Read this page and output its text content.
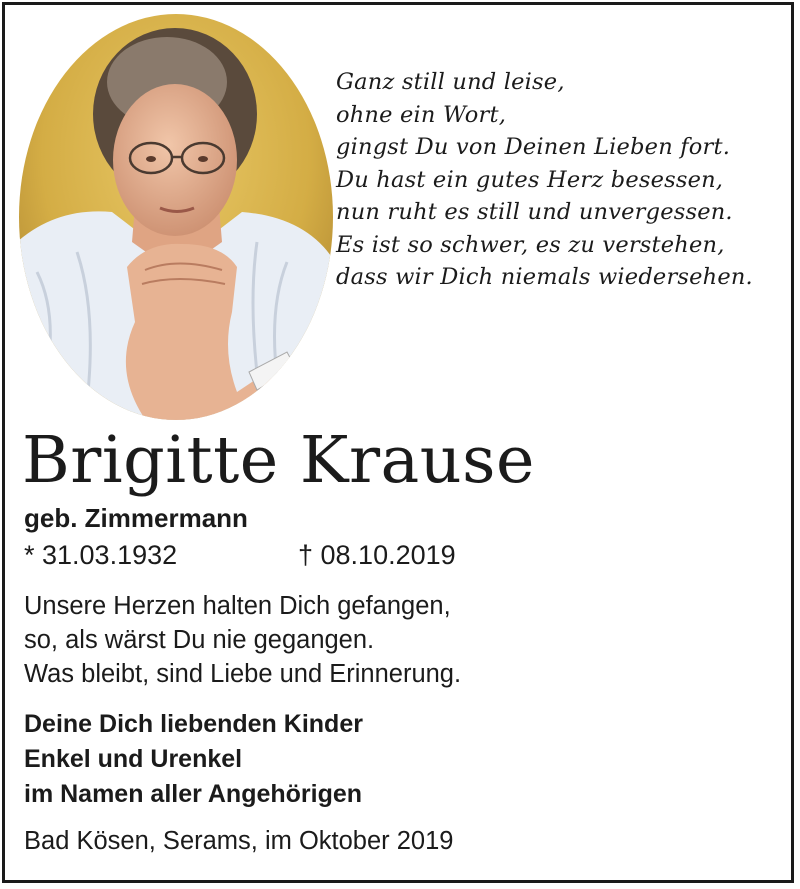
Ganz still und leise,
ohne ein Wort,
gingst Du von Deinen Lieben fort.
Du hast ein gutes Herz besessen,
nun ruht es still und unvergessen.
Es ist so schwer, es zu verstehen,
dass wir Dich niemals wiedersehen.
Brigitte Krause
geb. Zimmermann
* 31.03.1932	† 08.10.2019
Unsere Herzen halten Dich gefangen,
so, als wärst Du nie gegangen.
Was bleibt, sind Liebe und Erinnerung.
Deine Dich liebenden Kinder
Enkel und Urenkel
im Namen aller Angehörigen
Bad Kösen, Serams, im Oktober 2019
